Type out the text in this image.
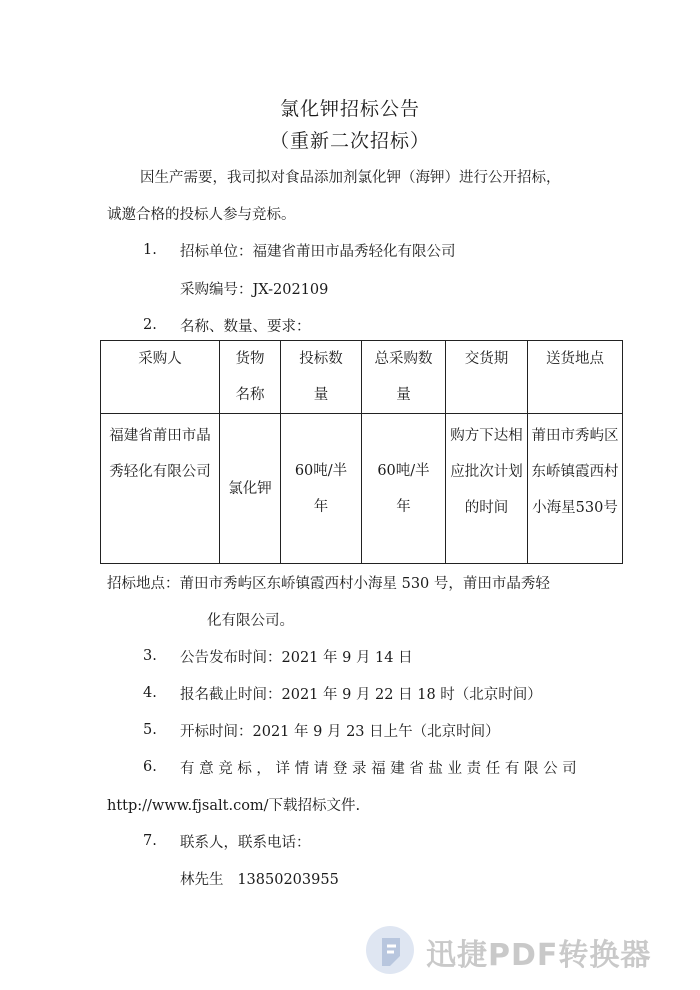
氯化钾招标公告
（重新二次招标）
因生产需要，我司拟对食品添加剂氯化钾（海钾）进行公开招标，
诚邀合格的投标人参与竞标。
1. 招标单位：福建省莆田市晶秀轻化有限公司
采购编号：JX-202109
2. 名称、数量、要求：
采购人	货物名称	投标数量	总采购数量	交货期	送货地点

福建省莆田市晶秀轻化有限公司	氯化钾	60吨/半年	60吨/半年	购方下达相应批次计划的时间	莆田市秀屿区东峤镇霞西村小海星530号
招标地点：莆田市秀屿区东峤镇霞西村小海星 530 号，莆田市晶秀轻
化有限公司。
3. 公告发布时间：2021 年 9 月 14 日
4. 报名截止时间：2021 年 9 月 22 日 18 时（北京时间）
5. 开标时间：2021 年 9 月 23 日上午（北京时间）
6. 有 意 竞 标 ， 详 情 请 登 录 福 建 省 盐 业 责 任 有 限 公 司
http://www.fjsalt.com/下载招标文件.
7. 联系人，联系电话：
林先生   13850203955
迅捷PDF转换器
